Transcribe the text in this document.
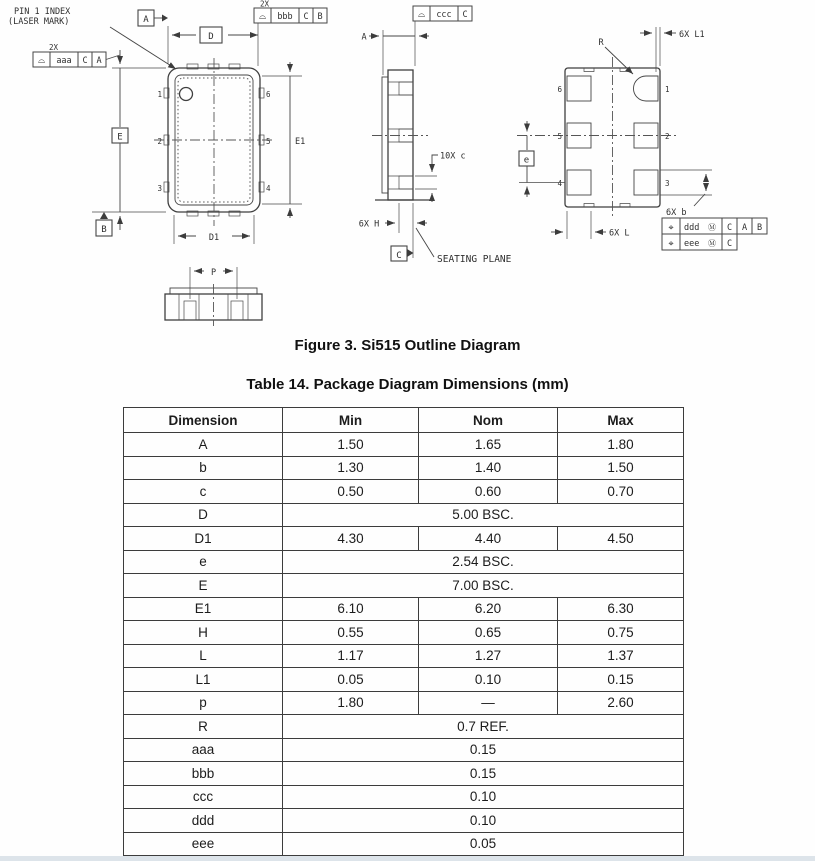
PIN 1 INDEX
(LASER MARK)
1
2
3
6
5
4
A
D
2X
⌓ bbb C B
2X
⌓ aaa C A
E
B
E1
D1
P
A
⌓ ccc C
10X c
6X H
C	SEATING PLANE
6
5
4
1
2
3
R
6X L1
e
6X L
6X b
⌖ ddd Ⓜ C A B
⌖ eee Ⓜ C
Figure 3. Si515 Outline Diagram
Table 14. Package Diagram Dimensions (mm)
Dimension	Min	Nom	Max
A	1.50	1.65	1.80
b	1.30	1.40	1.50
c	0.50	0.60	0.70
D	5.00 BSC.		
D1	4.30	4.40	4.50
e	2.54 BSC.		
E	7.00 BSC.		
E1	6.10	6.20	6.30
H	0.55	0.65	0.75
L	1.17	1.27	1.37
L1	0.05	0.10	0.15
p	1.80	—	2.60
R	0.7 REF.		
aaa	0.15		
bbb	0.15		
ccc	0.10		
ddd	0.10		
eee	0.05		
